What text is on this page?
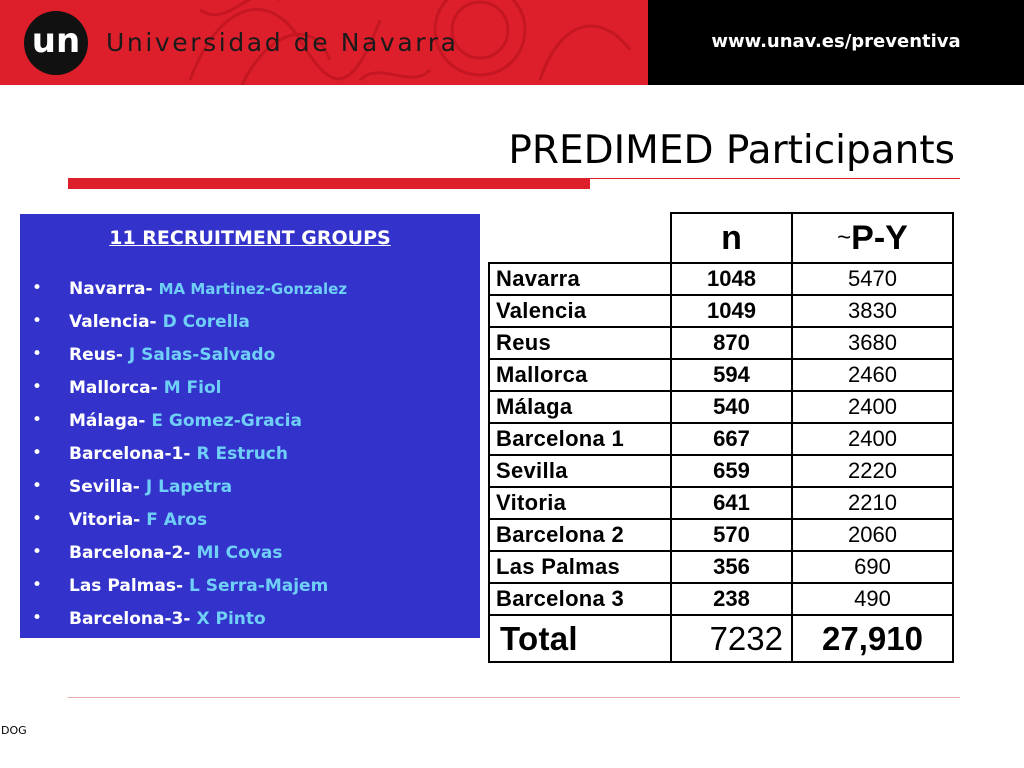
un	Universidad de Navarra	www.unav.es/preventiva
PREDIMED Participants
11 RECRUITMENT GROUPS
• Navarra- MA Martinez-Gonzalez
• Valencia- D Corella
• Reus- J Salas-Salvado
• Mallorca- M Fiol
• Málaga- E Gomez-Gracia
• Barcelona-1- R Estruch
• Sevilla- J Lapetra
• Vitoria- F Aros
• Barcelona-2- MI Covas
• Las Palmas- L Serra-Majem
• Barcelona-3- X Pinto
	n	~P-Y
Navarra	1048	5470
Valencia	1049	3830
Reus	870	3680
Mallorca	594	2460
Málaga	540	2400
Barcelona 1	667	2400
Sevilla	659	2220
Vitoria	641	2210
Barcelona 2	570	2060
Las Palmas	356	690
Barcelona 3	238	490
Total	7232	27,910
DOG
